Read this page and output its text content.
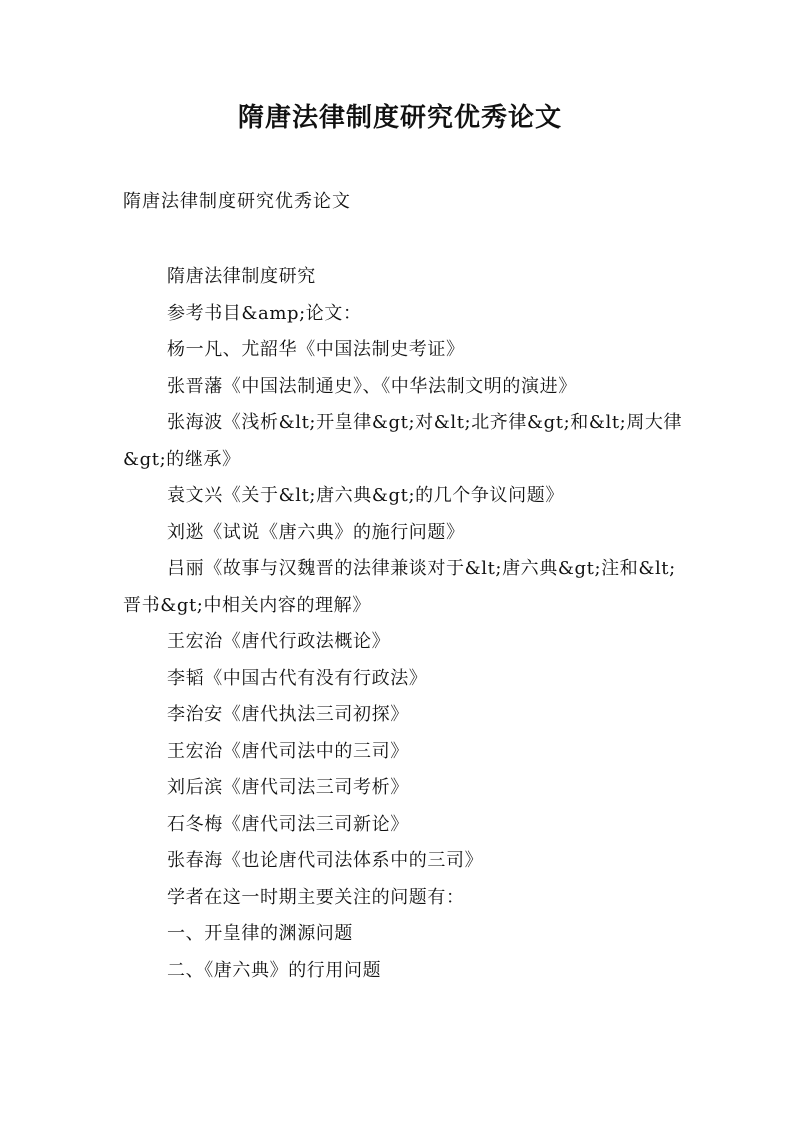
隋唐法律制度研究优秀论文
隋唐法律制度研究优秀论文

隋唐法律制度研究

参考书目&amp;论文：

杨一凡、尤韶华《中国法制史考证》

张晋藩《中国法制通史》、《中华法制文明的演进》

张海波《浅析&lt;开皇律&gt;对&lt;北齐律&gt;和&lt;周大律&gt;的继承》

袁文兴《关于&lt;唐六典&gt;的几个争议问题》

刘逖《试说《唐六典》的施行问题》

吕丽《故事与汉魏晋的法律兼谈对于&lt;唐六典&gt;注和&lt;晋书&gt;中相关内容的理解》

王宏治《唐代行政法概论》

李韬《中国古代有没有行政法》

李治安《唐代执法三司初探》

王宏治《唐代司法中的三司》

刘后滨《唐代司法三司考析》

石冬梅《唐代司法三司新论》

张春海《也论唐代司法体系中的三司》

学者在这一时期主要关注的问题有：

一、开皇律的渊源问题

二、《唐六典》的行用问题
